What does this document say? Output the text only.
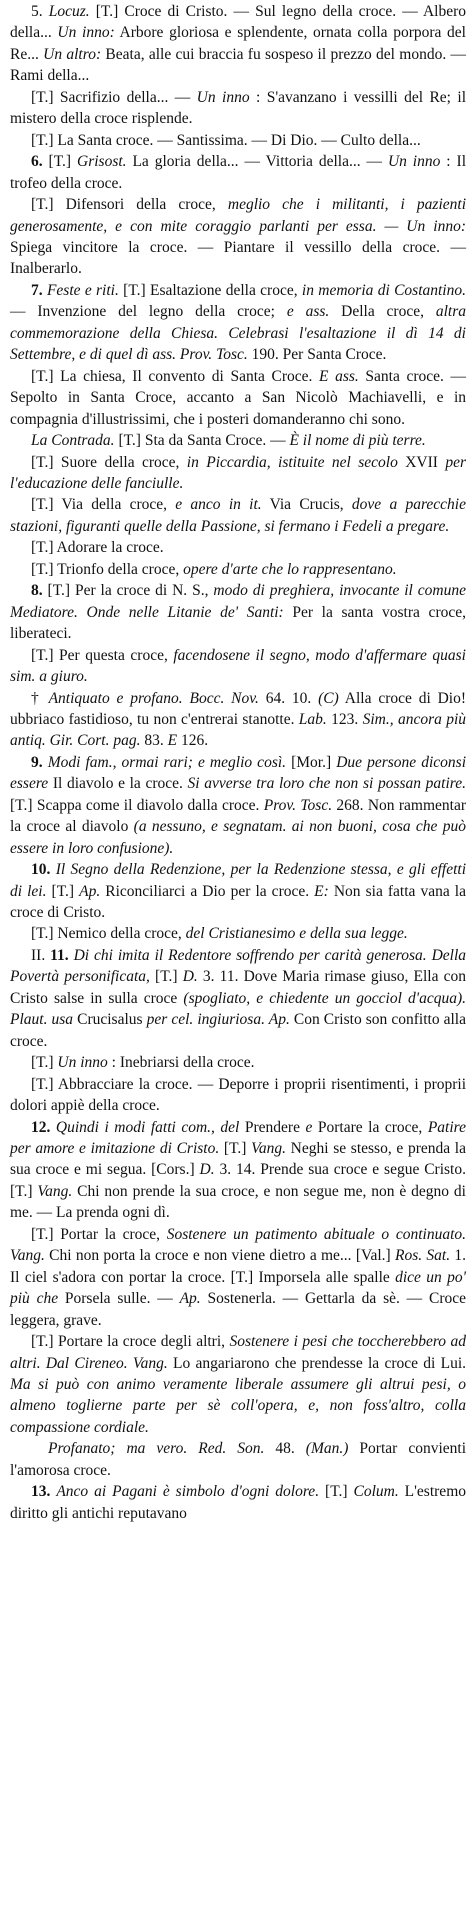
5. Locuz. [T.] Croce di Cristo. — Sul legno della croce. — Albero della... Un inno: Arbore gloriosa e splendente, ornata colla porpora del Re... Un altro: Beata, alle cui braccia fu sospeso il prezzo del mondo. — Rami della...

[T.] Sacrifizio della... — Un inno : S'avanzano i vessilli del Re; il mistero della croce risplende.

[T.] La Santa croce. — Santissima. — Di Dio. — Culto della...

6. [T.] Grisost. La gloria della... — Vittoria della... — Un inno : Il trofeo della croce.

[T.] Difensori della croce, meglio che i militanti, i pazienti generosamente, e con mite coraggio parlanti per essa. — Un inno: Spiega vincitore la croce. — Piantare il vessillo della croce. — Inalberarlo.

7. Feste e riti. [T.] Esaltazione della croce, in memoria di Costantino. — Invenzione del legno della croce; e ass. Della croce, altra commemorazione della Chiesa. Celebrasi l'esaltazione il dì 14 di Settembre, e di quel dì ass. Prov. Tosc. 190. Per Santa Croce.

[T.] La chiesa, Il convento di Santa Croce. E ass. Santa croce. — Sepolto in Santa Croce, accanto a San Nicolò Machiavelli, e in compagnia d'illustrissimi, che i posteri domanderanno chi sono.

La Contrada. [T.] Sta da Santa Croce. — È il nome di più terre.

[T.] Suore della croce, in Piccardia, istituite nel secolo XVII per l'educazione delle fanciulle.

[T.] Via della croce, e anco in it. Via Crucis, dove a parecchie stazioni, figuranti quelle della Passione, si fermano i Fedeli a pregare.

[T.] Adorare la croce.

[T.] Trionfo della croce, opere d'arte che lo rappresentano.

8. [T.] Per la croce di N. S., modo di preghiera, invocante il comune Mediatore. Onde nelle Litanie de' Santi: Per la santa vostra croce, liberateci.

[T.] Per questa croce, facendosene il segno, modo d'affermare quasi sim. a giuro.

† Antiquato e profano. Bocc. Nov. 64. 10. (C) Alla croce di Dio! ubbriaco fastidioso, tu non c'entrerai stanotte. Lab. 123. Sim., ancora più antiq. Gir. Cort. pag. 83. E 126.

9. Modi fam., ormai rari; e meglio così. [Mor.] Due persone diconsi essere Il diavolo e la croce. Si avverse tra loro che non si possan patire. [T.] Scappa come il diavolo dalla croce. Prov. Tosc. 268. Non rammentar la croce al diavolo (a nessuno, e segnatam. ai non buoni, cosa che può essere in loro confusione).

10. Il Segno della Redenzione, per la Redenzione stessa, e gli effetti di lei. [T.] Ap. Riconciliarci a Dio per la croce. E: Non sia fatta vana la croce di Cristo.

[T.] Nemico della croce, del Cristianesimo e della sua legge.

II. 11. Di chi imita il Redentore soffrendo per carità generosa. Della Povertà personificata, [T.] D. 3. 11. Dove Maria rimase giuso, Ella con Cristo salse in sulla croce (spogliato, e chiedente un gocciol d'acqua). Plaut. usa Crucisalus per cel. ingiuriosa. Ap. Con Cristo son confitto alla croce.

[T.] Un inno : Inebriarsi della croce.

[T.] Abbracciare la croce. — Deporre i proprii risentimenti, i proprii dolori appiè della croce.

12. Quindi i modi fatti com., del Prendere e Portare la croce, Patire per amore e imitazione di Cristo. [T.] Vang. Neghi se stesso, e prenda la sua croce e mi segua. [Cors.] D. 3. 14. Prende sua croce e segue Cristo. [T.] Vang. Chi non prende la sua croce, e non segue me, non è degno di me. — La prenda ogni dì.

[T.] Portar la croce, Sostenere un patimento abituale o continuato. Vang. Chi non porta la croce e non viene dietro a me... [Val.] Ros. Sat. 1. Il ciel s'adora con portar la croce. [T.] Imporsela alle spalle dice un po' più che Porsela sulle. — Ap. Sostenerla. — Gettarla da sè. — Croce leggera, grave.

[T.] Portare la croce degli altri, Sostenere i pesi che toccherebbero ad altri. Dal Cireneo. Vang. Lo angariarono che prendesse la croce di Lui. Ma si può con animo veramente liberale assumere gli altrui pesi, o almeno toglierne parte per sè coll'opera, e, non foss'altro, colla compassione cordiale.

Profanato; ma vero. Red. Son. 48. (Man.) Portar convienti l'amorosa croce.

13. Anco ai Pagani è simbolo d'ogni dolore. [T.] Colum. L'estremo diritto gli antichi reputavano
